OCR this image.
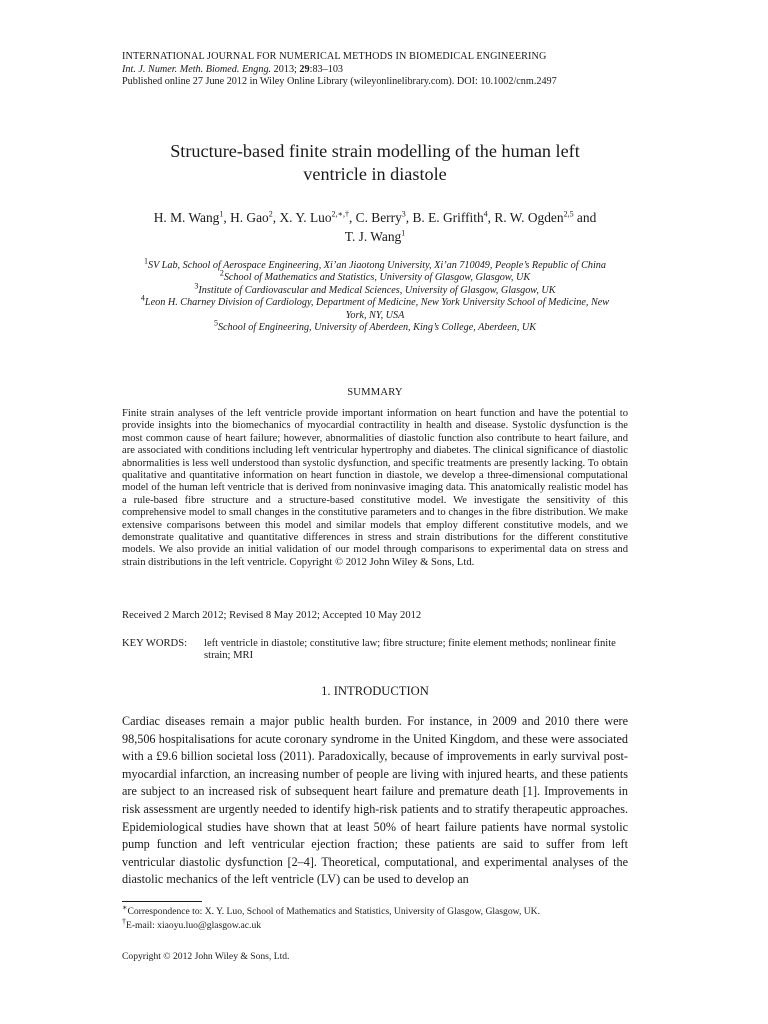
INTERNATIONAL JOURNAL FOR NUMERICAL METHODS IN BIOMEDICAL ENGINEERING
Int. J. Numer. Meth. Biomed. Engng. 2013; 29:83–103
Published online 27 June 2012 in Wiley Online Library (wileyonlinelibrary.com). DOI: 10.1002/cnm.2497
Structure-based finite strain modelling of the human left
ventricle in diastole
H. M. Wang$^1$, H. Gao$^2$, X. Y. Luo$^{2,∗,\dagger}$, C. Berry$^3$, B. E. Griffith$^4$, R. W. Ogden$^{2,5}$ and
T. J. Wang$^1$
$^1$SV Lab, School of Aerospace Engineering, Xi’an Jiaotong University, Xi’an 710049, People’s Republic of China
$^2$School of Mathematics and Statistics, University of Glasgow, Glasgow, UK
$^3$Institute of Cardiovascular and Medical Sciences, University of Glasgow, Glasgow, UK
$^4$Leon H. Charney Division of Cardiology, Department of Medicine, New York University School of Medicine, New York, NY, USA
$^5$School of Engineering, University of Aberdeen, King’s College, Aberdeen, UK
SUMMARY
Finite strain analyses of the left ventricle provide important information on heart function and have the potential to provide insights into the biomechanics of myocardial contractility in health and disease. Systolic dysfunction is the most common cause of heart failure; however, abnormalities of diastolic function also contribute to heart failure, and are associated with conditions including left ventricular hypertrophy and diabetes. The clinical significance of diastolic abnormalities is less well understood than systolic dysfunction, and specific treatments are presently lacking. To obtain qualitative and quantitative information on heart function in diastole, we develop a three-dimensional computational model of the human left ventricle that is derived from noninvasive imaging data. This anatomically realistic model has a rule-based fibre structure and a structure-based constitutive model. We investigate the sensitivity of this comprehensive model to small changes in the constitutive parameters and to changes in the fibre distribution. We make extensive comparisons between this model and similar models that employ different constitutive models, and we demonstrate qualitative and quantitative differences in stress and strain distributions for the different constitutive models. We also provide an initial validation of our model through comparisons to experimental data on stress and strain distributions in the left ventricle. Copyright © 2012 John Wiley & Sons, Ltd.
Received 2 March 2012; Revised 8 May 2012; Accepted 10 May 2012
KEY WORDS:	left ventricle in diastole; constitutive law; fibre structure; finite element methods; nonlinear finite strain; MRI
1. INTRODUCTION
Cardiac diseases remain a major public health burden. For instance, in 2009 and 2010 there were 98,506 hospitalisations for acute coronary syndrome in the United Kingdom, and these were associated with a £9.6 billion societal loss (2011). Paradoxically, because of improvements in early survival post-myocardial infarction, an increasing number of people are living with injured hearts, and these patients are subject to an increased risk of subsequent heart failure and premature death [1]. Improvements in risk assessment are urgently needed to identify high-risk patients and to stratify therapeutic approaches. Epidemiological studies have shown that at least 50% of heart failure patients have normal systolic pump function and left ventricular ejection fraction; these patients are said to suffer from left ventricular diastolic dysfunction [2–4]. Theoretical, computational, and experimental analyses of the diastolic mechanics of the left ventricle (LV) can be used to develop an
∗Correspondence to: X. Y. Luo, School of Mathematics and Statistics, University of Glasgow, Glasgow, UK.
†E-mail: xiaoyu.luo@glasgow.ac.uk
Copyright © 2012 John Wiley & Sons, Ltd.
